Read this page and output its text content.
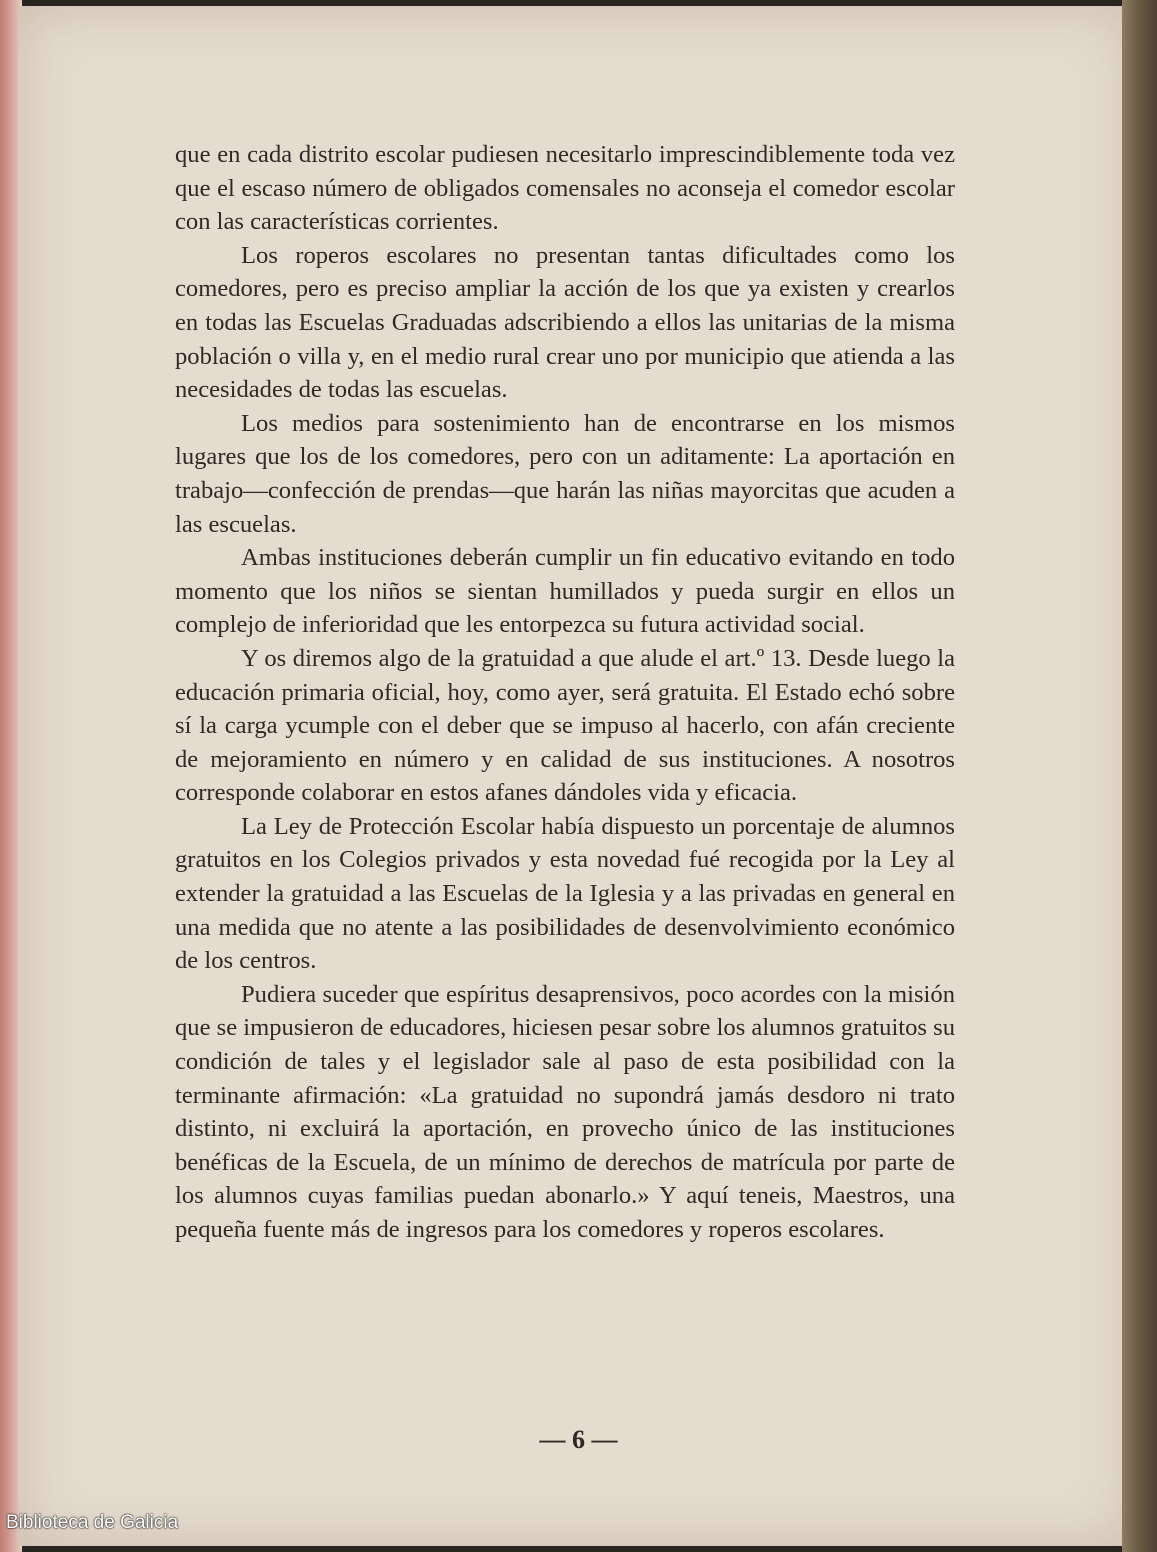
que en cada distrito escolar pudiesen necesitarlo imprescindiblemente toda vez que el escaso número de obligados comensales no aconseja el comedor escolar con las características corrientes.

Los roperos escolares no presentan tantas dificultades como los comedores, pero es preciso ampliar la acción de los que ya existen y crearlos en todas las Escuelas Graduadas adscribiendo a ellos las unitarias de la misma población o villa y, en el medio rural crear uno por municipio que atienda a las necesidades de todas las escuelas.

Los medios para sostenimiento han de encontrarse en los mismos lugares que los de los comedores, pero con un aditamente: La aportación en trabajo—confección de prendas—que harán las niñas mayorcitas que acuden a las escuelas.

Ambas instituciones deberán cumplir un fin educativo evitando en todo momento que los niños se sientan humillados y pueda surgir en ellos un complejo de inferioridad que les entorpezca su futura actividad social.

Y os diremos algo de la gratuidad a que alude el art.º 13. Desde luego la educación primaria oficial, hoy, como ayer, será gratuita. El Estado echó sobre sí la carga ycumple con el deber que se impuso al hacerlo, con afán creciente de mejoramiento en número y en calidad de sus instituciones. A nosotros corresponde colaborar en estos afanes dándoles vida y eficacia.

La Ley de Protección Escolar había dispuesto un porcentaje de alumnos gratuitos en los Colegios privados y esta novedad fué recogida por la Ley al extender la gratuidad a las Escuelas de la Iglesia y a las privadas en general en una medida que no atente a las posibilidades de desenvolvimiento económico de los centros.

Pudiera suceder que espíritus desaprensivos, poco acordes con la misión que se impusieron de educadores, hiciesen pesar sobre los alumnos gratuitos su condición de tales y el legislador sale al paso de esta posibilidad con la terminante afirmación: «La gratuidad no supondrá jamás desdoro ni trato distinto, ni excluirá la aportación, en provecho único de las instituciones benéficas de la Escuela, de un mínimo de derechos de matrícula por parte de los alumnos cuyas familias puedan abonarlo.» Y aquí teneis, Maestros, una pequeña fuente más de ingresos para los comedores y roperos escolares.

— 6 —
Biblioteca de Galicia
